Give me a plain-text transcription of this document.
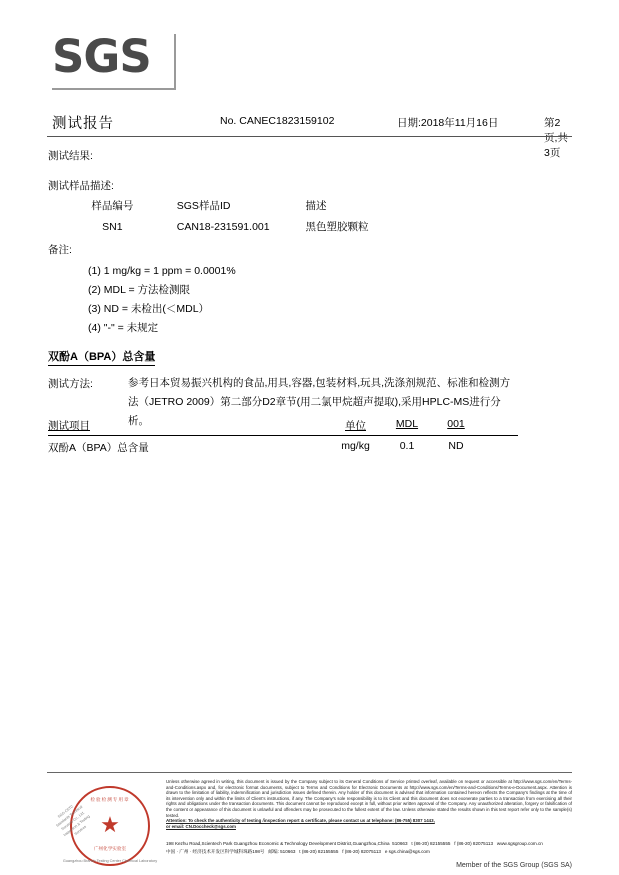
SGS
测试报告	No. CANEC1823159102	日期:2018年11月16日	第2页,共3页
测试结果:
测试样品描述:
样品编号	SGS样品ID	描述
SN1	CAN18-231591.001	黑色塑胶颗粒
备注:
(1) 1 mg/kg = 1 ppm = 0.0001%
(2) MDL = 方法检测限
(3) ND = 未检出(＜MDL）
(4) "-" = 未规定
双酚A（BPA）总含量
测试方法:	参考日本贸易振兴机构的食品,用具,容器,包装材料,玩具,洗涤剂规范、标准和检测方法（JETRO 2009）第二部分D2章节(用二氯甲烷超声提取),采用HPLC-MS进行分析。
测试项目	单位	MDL	001
双酚A（BPA）总含量	mg/kg	0.1	ND
检验检测专用章
★
广州化学实验室
SGS-CSTC Standards Technical Services Co., Ltd. Inspection & Testing Services
Guangzhou Branch Testing Center Chemical Laboratory
Unless otherwise agreed in writing, this document is issued by the Company subject to its General Conditions of Service printed overleaf, available on request or accessible at http://www.sgs.com/en/Terms-and-Conditions.aspx and, for electronic format documents, subject to Terms and Conditions for Electronic Documents at http://www.sgs.com/en/Terms-and-Conditions/Terms-e-Document.aspx. Attention is drawn to the limitation of liability, indemnification and jurisdiction issues defined therein. Any holder of this document is advised that information contained hereon reflects the Company's findings at the time of its intervention only and within the limits of Client's instructions, if any. The Company's sole responsibility is to its Client and this document does not exonerate parties to a transaction from exercising all their rights and obligations under the transaction documents. This document cannot be reproduced except in full, without prior written approval of the Company. Any unauthorized alteration, forgery or falsification of the content or appearance of this document is unlawful and offenders may be prosecuted to the fullest extent of the law. Unless otherwise stated the results shown in this test report refer only to the sample(s) tested.
Attention: To check the authenticity of testing /inspection report & certificate, please contact us at telephone: (86-755) 8307 1443,
or email: CN.Doccheck@sgs.com
198 Kezhu Road,Scientech Park Guangzhou Economic & Technology Development District,Guangzhou,China 510663 t (86-20) 82155555 f (86-20) 82075113 www.sgsgroup.com.cn
中国 · 广州 · 经济技术开发区科学城科珠路198号 邮编: 510663 t (86-20) 82155555 f (86-20) 82075113 e sgs.china@sgs.com
Member of the SGS Group (SGS SA)
